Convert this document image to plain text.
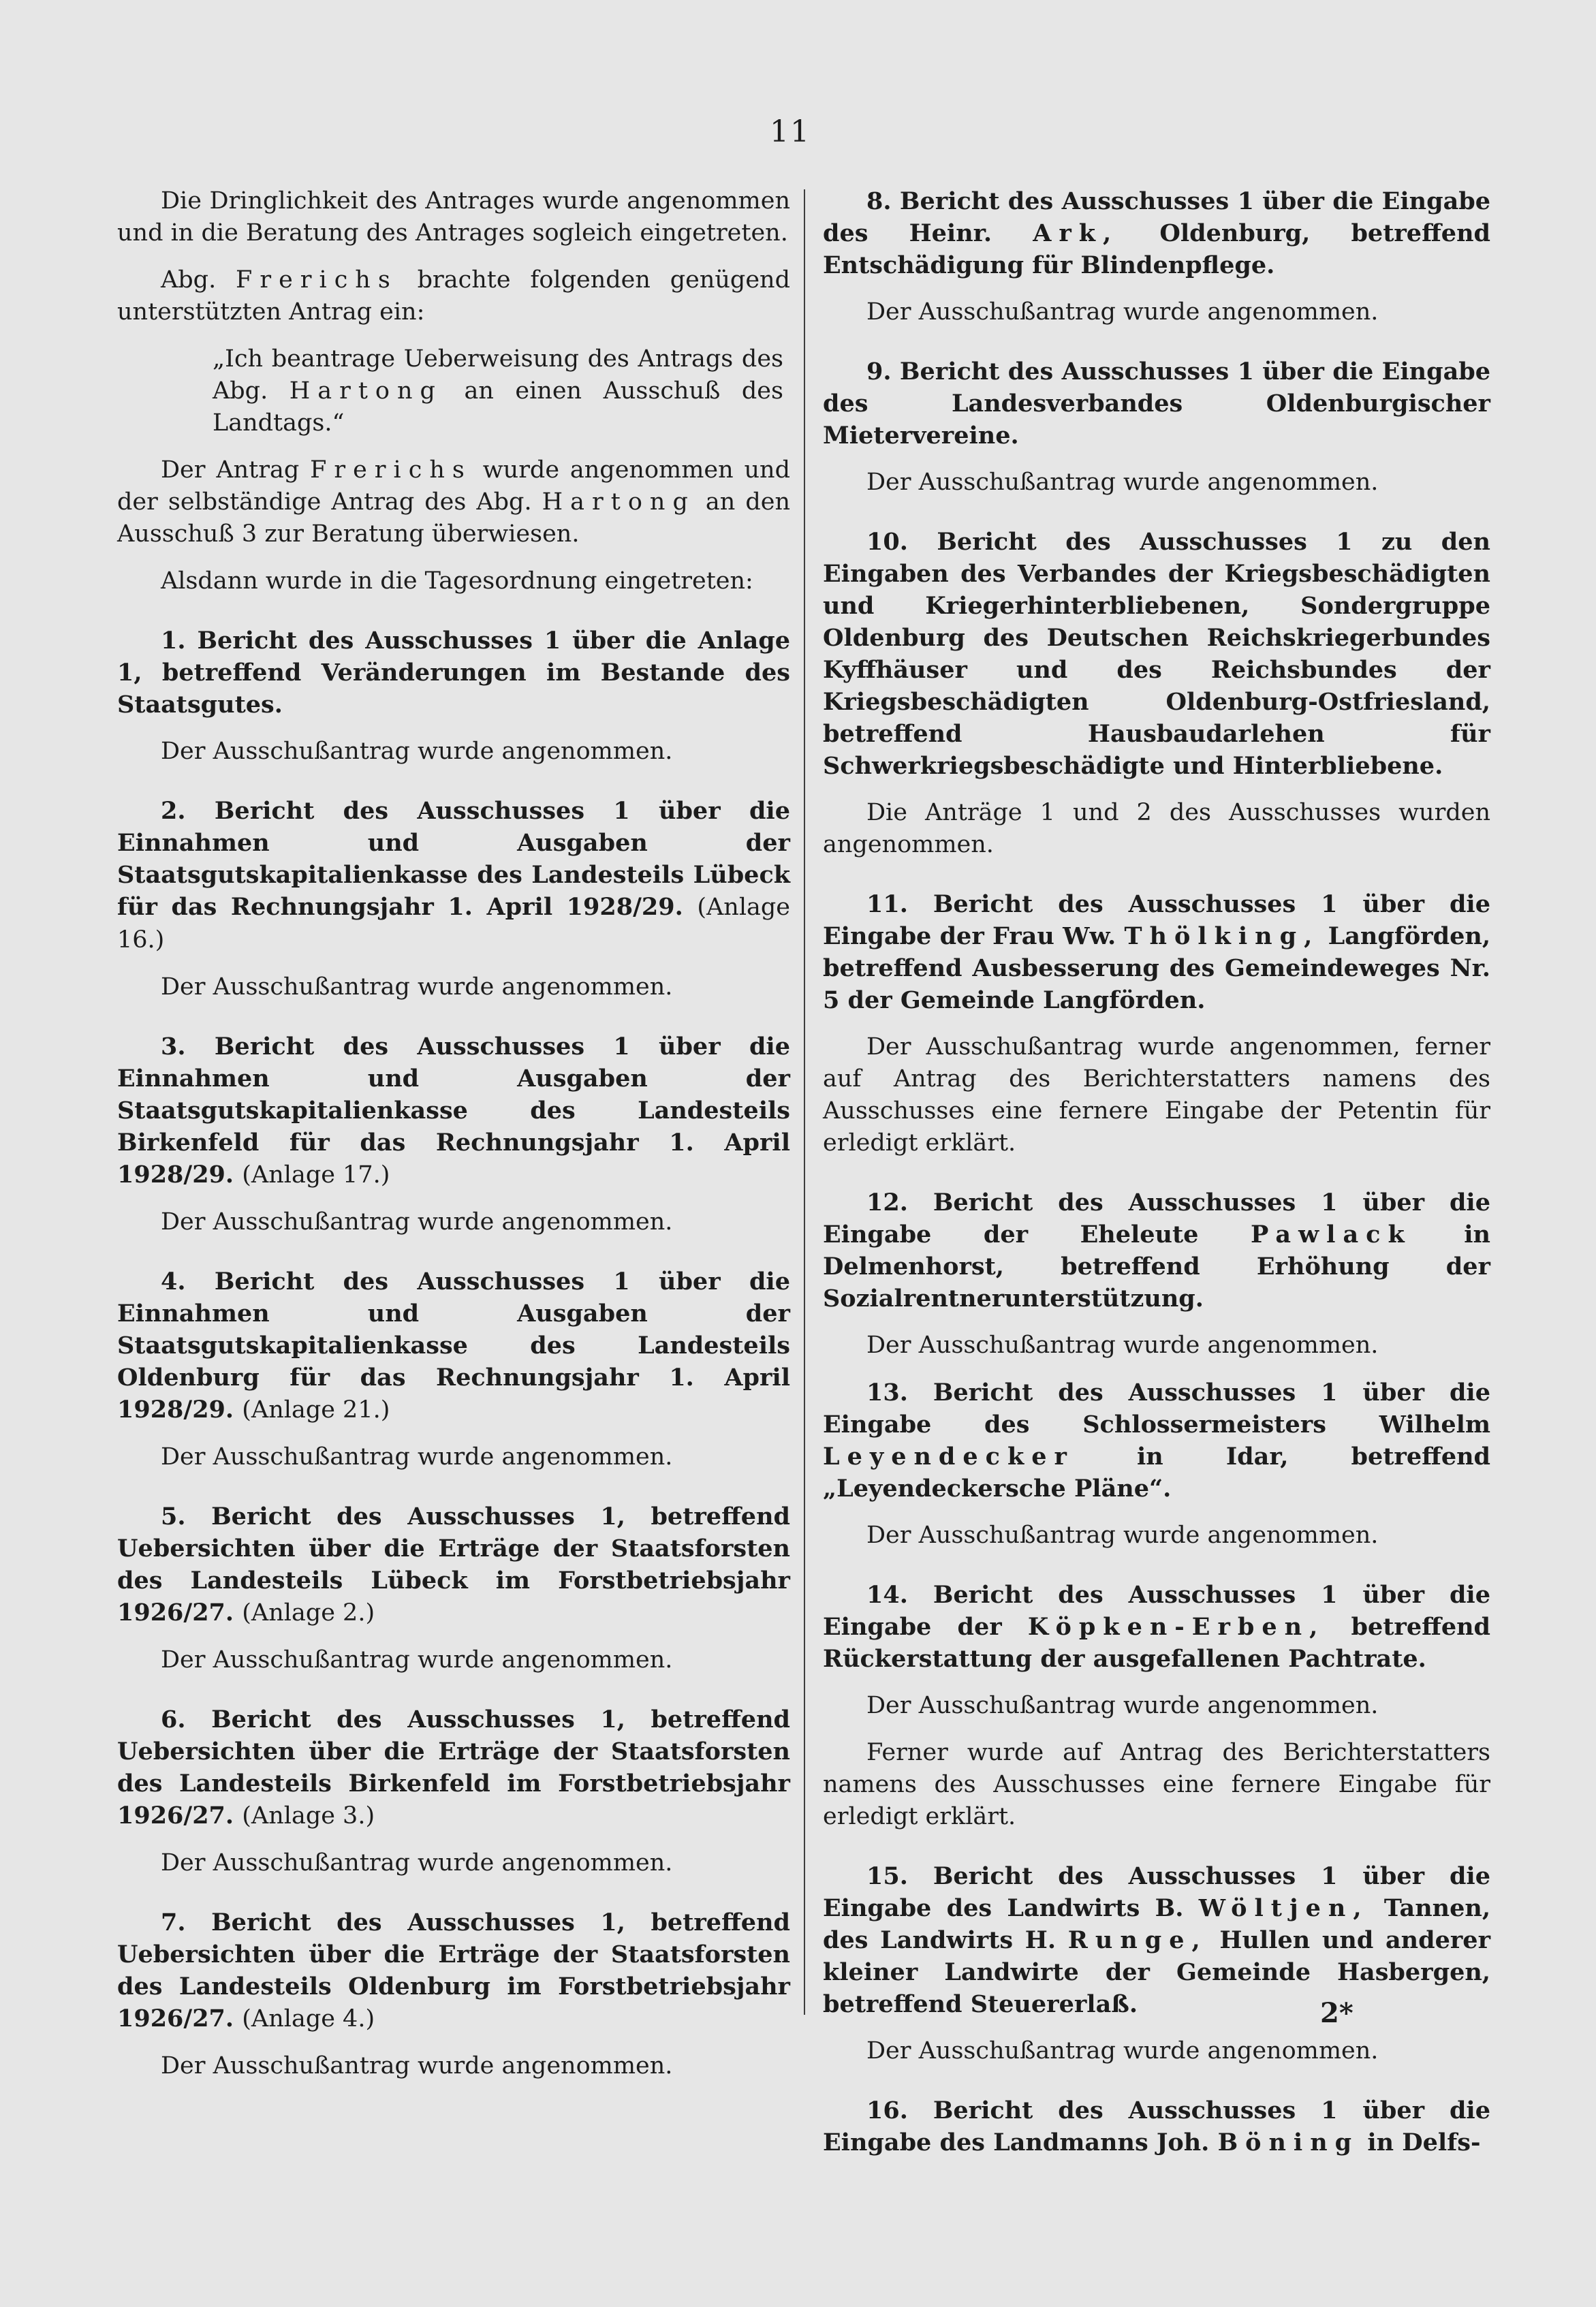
11

Die Dringlichkeit des Antrages wurde angenommen und in die Beratung des Antrages sogleich eingetreten.

Abg. Frerichs brachte folgenden genügend unterstützten Antrag ein:

„Ich beantrage Ueberweisung des Antrags des Abg. Hartong an einen Ausschuß des Landtags.“

Der Antrag Frerichs wurde angenommen und der selbständige Antrag des Abg. Hartong an den Ausschuß 3 zur Beratung überwiesen.

Alsdann wurde in die Tagesordnung eingetreten:

1. Bericht des Ausschusses 1 über die Anlage 1, betreffend Veränderungen im Bestande des Staatsgutes.

Der Ausschußantrag wurde angenommen.

2. Bericht des Ausschusses 1 über die Einnahmen und Ausgaben der Staatsgutskapitalienkasse des Landesteils Lübeck für das Rechnungsjahr 1. April 1928/29. (Anlage 16.)

Der Ausschußantrag wurde angenommen.

3. Bericht des Ausschusses 1 über die Einnahmen und Ausgaben der Staatsgutskapitalienkasse des Landesteils Birkenfeld für das Rechnungsjahr 1. April 1928/29. (Anlage 17.)

Der Ausschußantrag wurde angenommen.

4. Bericht des Ausschusses 1 über die Einnahmen und Ausgaben der Staatsgutskapitalienkasse des Landesteils Oldenburg für das Rechnungsjahr 1. April 1928/29. (Anlage 21.)

Der Ausschußantrag wurde angenommen.

5. Bericht des Ausschusses 1, betreffend Uebersichten über die Erträge der Staatsforsten des Landesteils Lübeck im Forstbetriebsjahr 1926/27. (Anlage 2.)

Der Ausschußantrag wurde angenommen.

6. Bericht des Ausschusses 1, betreffend Uebersichten über die Erträge der Staatsforsten des Landesteils Birkenfeld im Forstbetriebsjahr 1926/27. (Anlage 3.)

Der Ausschußantrag wurde angenommen.

7. Bericht des Ausschusses 1, betreffend Uebersichten über die Erträge der Staatsforsten des Landesteils Oldenburg im Forstbetriebsjahr 1926/27. (Anlage 4.)

Der Ausschußantrag wurde angenommen.

8. Bericht des Ausschusses 1 über die Eingabe des Heinr. Ark, Oldenburg, betreffend Entschädigung für Blindenpflege.

Der Ausschußantrag wurde angenommen.

9. Bericht des Ausschusses 1 über die Eingabe des Landesverbandes Oldenburgischer Mietervereine.

Der Ausschußantrag wurde angenommen.

10. Bericht des Ausschusses 1 zu den Eingaben des Verbandes der Kriegsbeschädigten und Kriegerhinterbliebenen, Sondergruppe Oldenburg des Deutschen Reichskriegerbundes Kyffhäuser und des Reichsbundes der Kriegsbeschädigten Oldenburg-Ostfriesland, betreffend Hausbaudarlehen für Schwerkriegsbeschädigte und Hinterbliebene.

Die Anträge 1 und 2 des Ausschusses wurden angenommen.

11. Bericht des Ausschusses 1 über die Eingabe der Frau Ww. Thölking, Langförden, betreffend Ausbesserung des Gemeindeweges Nr. 5 der Gemeinde Langförden.

Der Ausschußantrag wurde angenommen, ferner auf Antrag des Berichterstatters namens des Ausschusses eine fernere Eingabe der Petentin für erledigt erklärt.

12. Bericht des Ausschusses 1 über die Eingabe der Eheleute Pawlack in Delmenhorst, betreffend Erhöhung der Sozialrentnerunterstützung.

Der Ausschußantrag wurde angenommen.

13. Bericht des Ausschusses 1 über die Eingabe des Schlossermeisters Wilhelm Leyendecker	in Idar, betreffend „Leyendeckersche Pläne“.

Der Ausschußantrag wurde angenommen.

14. Bericht des Ausschusses 1 über die Eingabe der Köpken-Erben, betreffend Rückerstattung der ausgefallenen Pachtrate.

Der Ausschußantrag wurde angenommen.

Ferner wurde auf Antrag des Berichterstatters namens des Ausschusses eine fernere Eingabe für erledigt erklärt.

15. Bericht des Ausschusses 1 über die Eingabe des Landwirts B. Wöltjen, Tannen, des Landwirts H. Runge, Hullen und anderer kleiner Landwirte der Gemeinde Hasbergen, betreffend Steuererlaß.

Der Ausschußantrag wurde angenommen.

16. Bericht des Ausschusses 1 über die Eingabe des Landmanns Joh. Böning in Delfs-

2*
